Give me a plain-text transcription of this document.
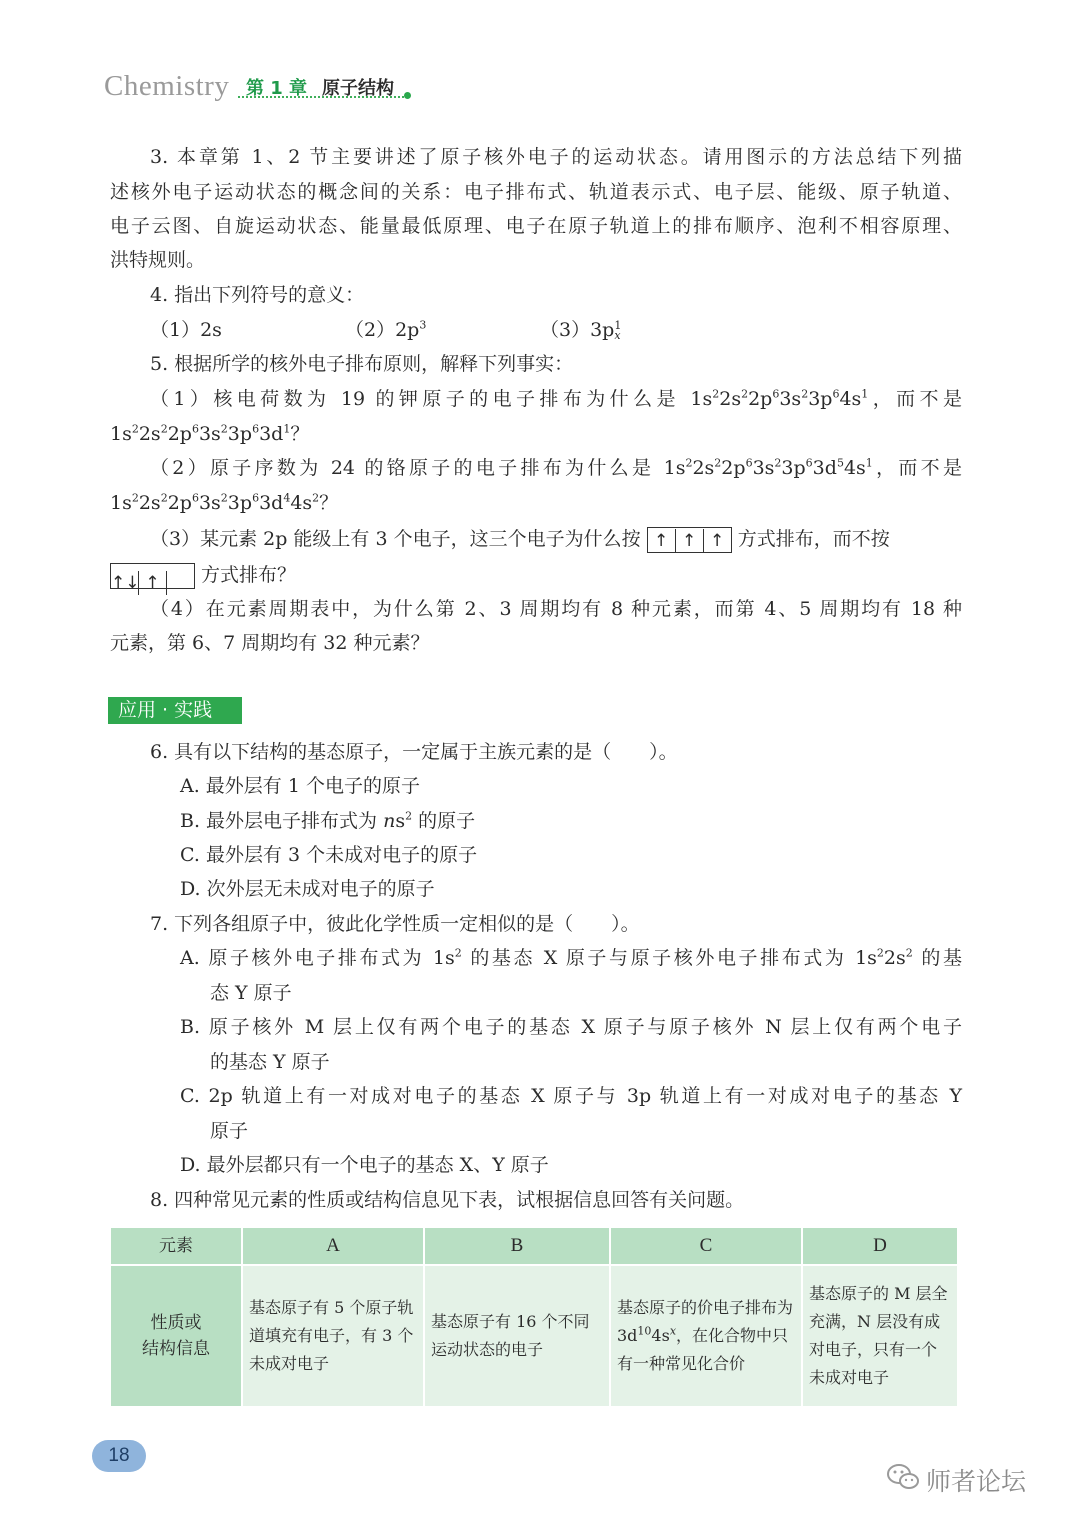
Chemistry 第 1 章 原子结构
3. 本章第 1、2 节主要讲述了原子核外电子的运动状态。请用图示的方法总结下列描
述核外电子运动状态的概念间的关系：电子排布式、轨道表示式、电子层、能级、原子轨道、
电子云图、自旋运动状态、能量最低原理、电子在原子轨道上的排布顺序、泡利不相容原理、
洪特规则。
4. 指出下列符号的意义：
（1）2s	$(2)2p^3$	（3）3p 1
x
5. 根据所学的核外电子排布原则，解释下列事实：
（1）核电荷数为 19 的钾原子的电子排布为什么是 $1s^22s^22p^63s^23p^64s^1$，而不是
$1s^22s^22p^63s^23p^63d^1$？
（2）原子序数为 24 的铬原子的电子排布为什么是 $1s^22s^22p^63s^23p^63d^54s^1$，而不是
$1s^22s^22p^63s^23p^63d^44s^2$？
（3）某元素 2p 能级上有 3 个电子，这三个电子为什么按 ↑ ↑ ↑ 方式排布，而不按
↑↓ ↑ 方式排布？
（4）在元素周期表中，为什么第 2、3 周期均有 8 种元素，而第 4、5 周期均有 18 种
元素，第 6、7 周期均有 32 种元素？
应用 · 实践
6. 具有以下结构的基态原子，一定属于主族元素的是（　　）。
A. 最外层有 1 个电子的原子
B. 最外层电子排布式为 $ns^2$ 的原子
C. 最外层有 3 个未成对电子的原子
D. 次外层无未成对电子的原子
7. 下列各组原子中，彼此化学性质一定相似的是（　　）。
A. 原子核外电子排布式为 $1s^2$ 的基态 X 原子与原子核外电子排布式为 $1s^22s^2$ 的基
态 Y 原子
B. 原子核外 M 层上仅有两个电子的基态 X 原子与原子核外 N 层上仅有两个电子
的基态 Y 原子
C. 2p 轨道上有一对成对电子的基态 X 原子与 3p 轨道上有一对成对电子的基态 Y
原子
D. 最外层都只有一个电子的基态 X、Y 原子
8. 四种常见元素的性质或结构信息见下表，试根据信息回答有关问题。
元素	A	B	C	D
性质或
结构信息	基态原子有 5 个原子轨道填充有电子，有 3 个未成对电子	基态原子有 16 个不同运动状态的电子	基态原子的价电子排布为 $3d^{10}4s^x$，在化合物中只有一种常见化合价	基态原子的 M 层全充满，N 层没有成对电子，只有一个未成对电子
18
师者论坛
